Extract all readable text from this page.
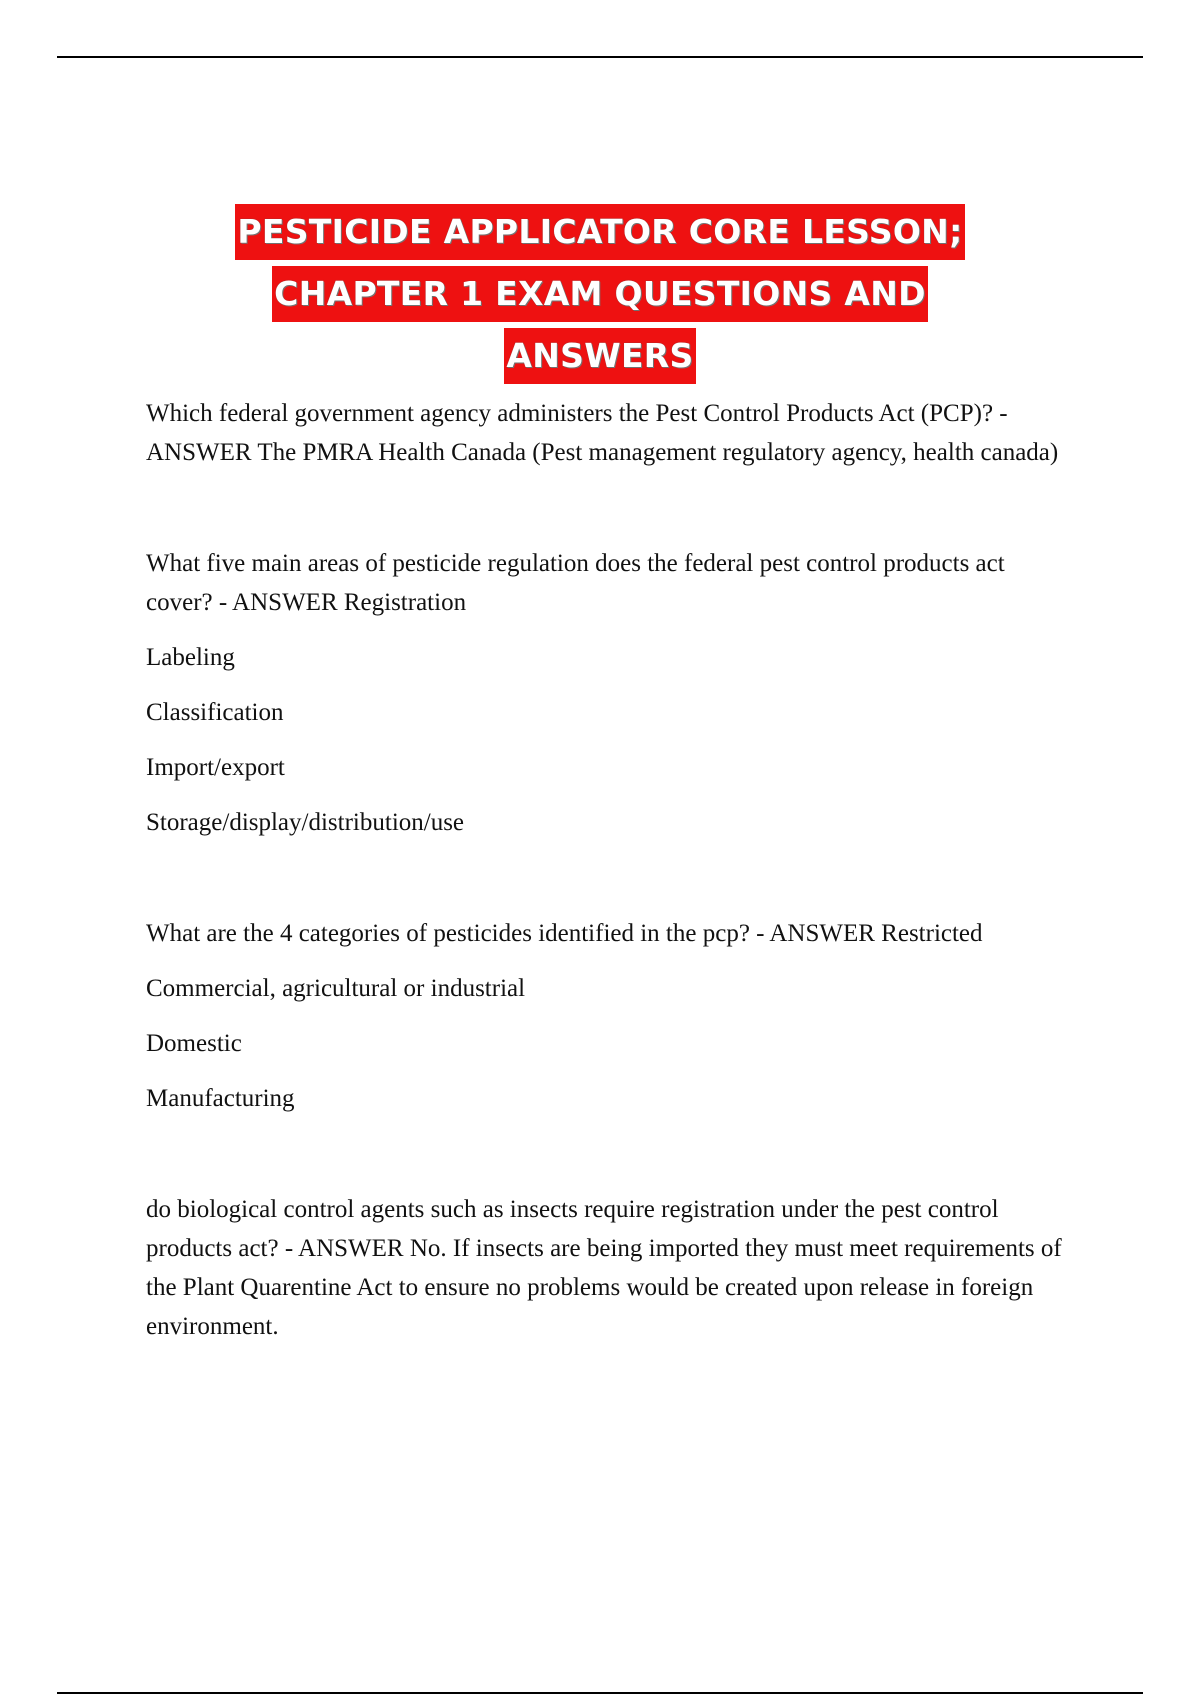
PESTICIDE APPLICATOR CORE LESSON;
CHAPTER 1 EXAM QUESTIONS AND
ANSWERS

Which federal government agency administers the Pest Control Products Act (PCP)? - ANSWER The PMRA Health Canada (Pest management regulatory agency, health canada)

What five main areas of pesticide regulation does the federal pest control products act cover? - ANSWER Registration

Labeling

Classification

Import/export

Storage/display/distribution/use

What are the 4 categories of pesticides identified in the pcp? - ANSWER Restricted

Commercial, agricultural or industrial

Domestic

Manufacturing

do biological control agents such as insects require registration under the pest control products act? - ANSWER No. If insects are being imported they must meet requirements of the Plant Quarentine Act to ensure no problems would be created upon release in foreign environment.
